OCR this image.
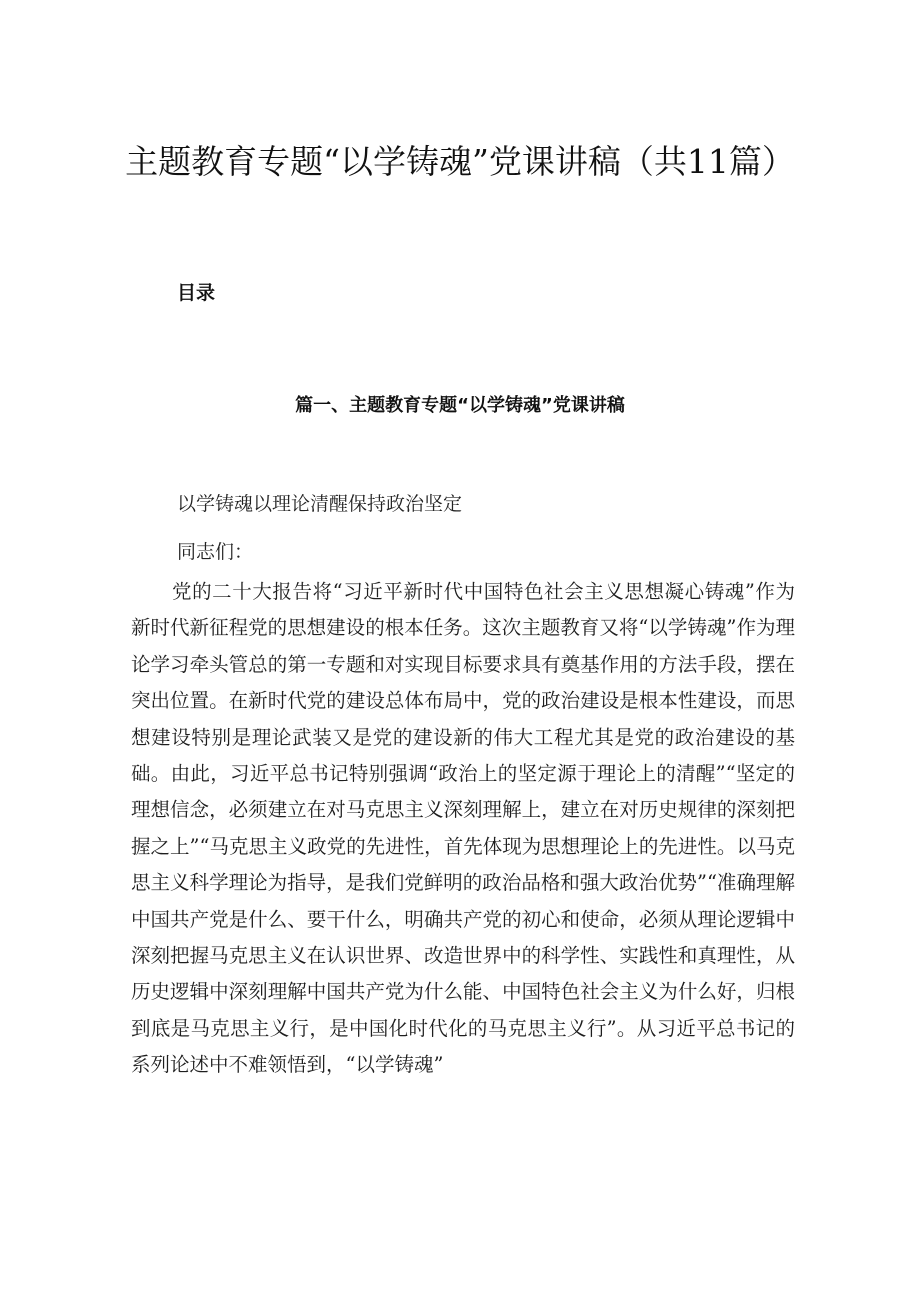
主题教育专题“以学铸魂”党课讲稿（共11篇）
目录
篇一、主题教育专题“以学铸魂”党课讲稿
以学铸魂以理论清醒保持政治坚定
同志们：

党的二十大报告将“习近平新时代中国特色社会主义思想凝心铸魂”作为新时代新征程党的思想建设的根本任务。这次主题教育又将“以学铸魂”作为理论学习牵头管总的第一专题和对实现目标要求具有奠基作用的方法手段，摆在突出位置。在新时代党的建设总体布局中，党的政治建设是根本性建设，而思想建设特别是理论武装又是党的建设新的伟大工程尤其是党的政治建设的基础。由此，习近平总书记特别强调“政治上的坚定源于理论上的清醒”“坚定的理想信念，必须建立在对马克思主义深刻理解上，建立在对历史规律的深刻把握之上”“马克思主义政党的先进性，首先体现为思想理论上的先进性。以马克思主义科学理论为指导，是我们党鲜明的政治品格和强大政治优势”“准确理解中国共产党是什么、要干什么，明确共产党的初心和使命，必须从理论逻辑中深刻把握马克思主义在认识世界、改造世界中的科学性、实践性和真理性，从历史逻辑中深刻理解中国共产党为什么能、中国特色社会主义为什么好，归根到底是马克思主义行，是中国化时代化的马克思主义行”。从习近平总书记的系列论述中不难领悟到，“以学铸魂”
